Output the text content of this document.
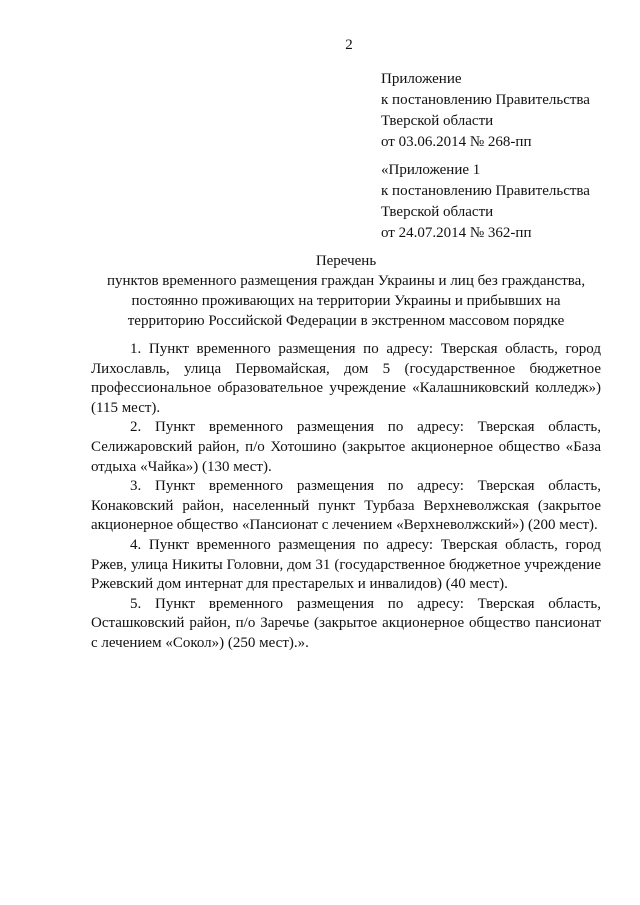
2
Приложение
к постановлению Правительства
Тверской области
от 03.06.2014 № 268-пп
«Приложение 1
к постановлению Правительства
Тверской области
от 24.07.2014 № 362-пп
Перечень
пунктов временного размещения граждан Украины и лиц без гражданства,
постоянно проживающих на территории Украины и прибывших на
территорию Российской Федерации в экстренном массовом порядке

1. Пункт временного размещения по адресу: Тверская область, город Лихославль, улица Первомайская, дом 5 (государственное бюджетное профессиональное образовательное учреждение «Калашниковский колледж») (115 мест).

2. Пункт временного размещения по адресу: Тверская область, Селижаровский район, п/о Хотошино (закрытое акционерное общество «База отдыха «Чайка») (130 мест).

3. Пункт временного размещения по адресу: Тверская область, Конаковский район, населенный пункт Турбаза Верхневолжская (закрытое акционерное общество «Пансионат с лечением «Верхневолжский») (200 мест).

4. Пункт временного размещения по адресу: Тверская область, город Ржев, улица Никиты Головни, дом 31 (государственное бюджетное учреждение Ржевский дом интернат для престарелых и инвалидов) (40 мест).

5. Пункт временного размещения по адресу: Тверская область, Осташковский район, п/о Заречье (закрытое акционерное общество пансионат с лечением «Сокол») (250 мест).».
